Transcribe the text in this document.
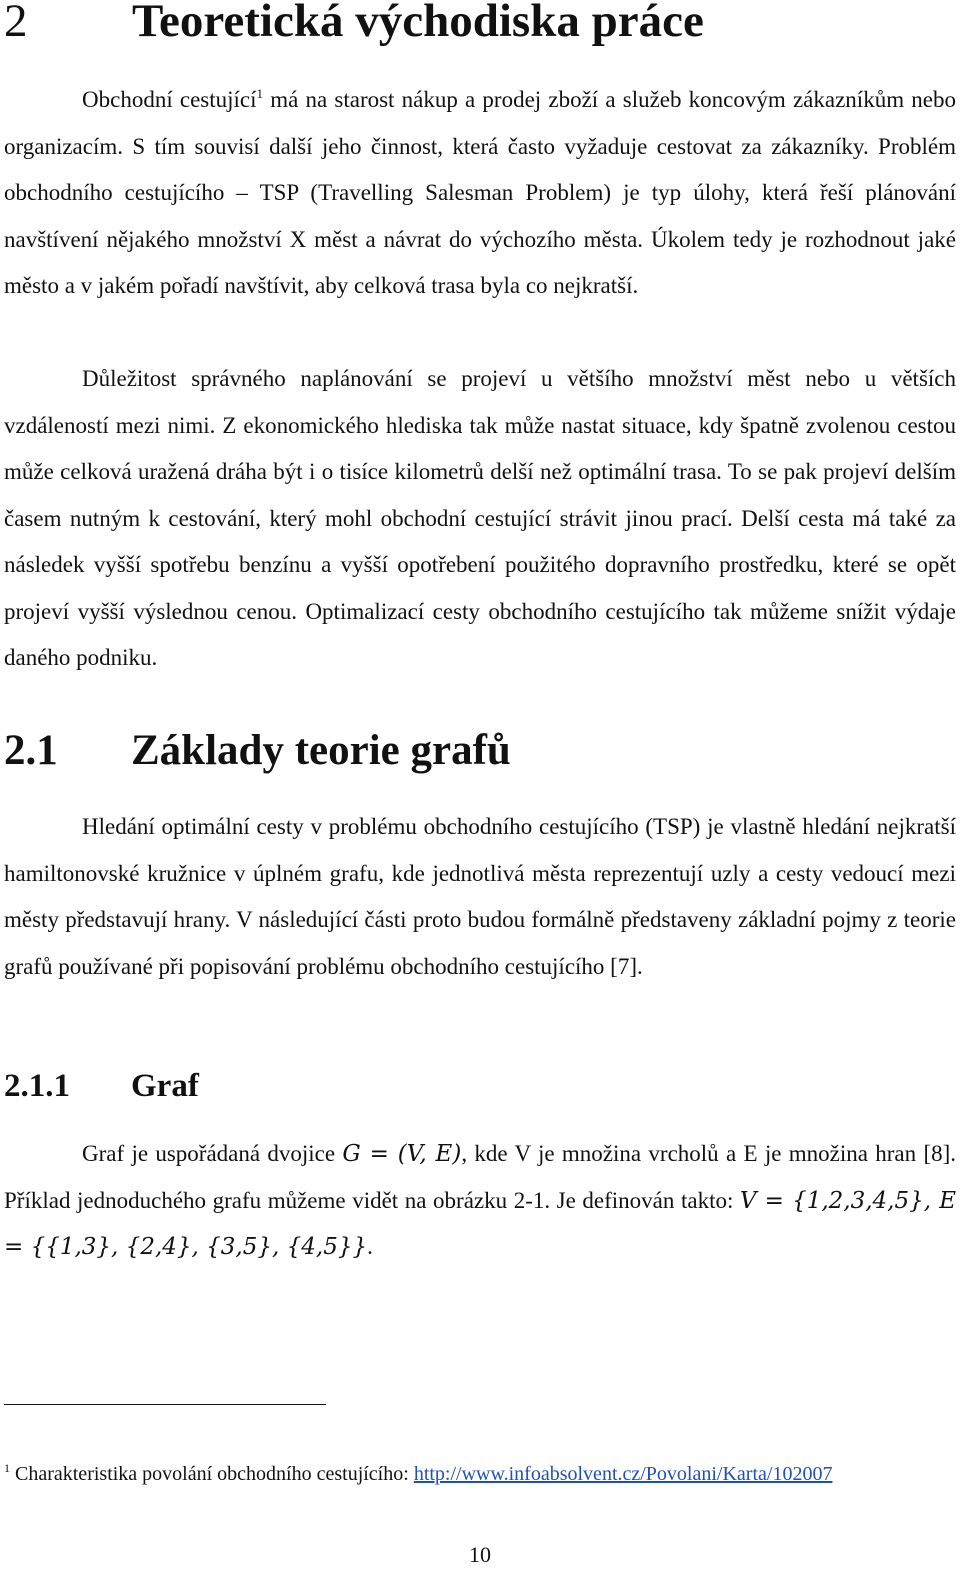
2 Teoretická východiska práce

Obchodní cestující$^1$ má na starost nákup a prodej zboží a služeb koncovým zákazníkům nebo organizacím. S tím souvisí další jeho činnost, která často vyžaduje cestovat za zákazníky. Problém obchodního cestujícího – TSP (Travelling Salesman Problem) je typ úlohy, která řeší plánování navštívení nějakého množství X měst a návrat do výchozího města. Úkolem tedy je rozhodnout jaké město a v jakém pořadí navštívit, aby celková trasa byla co nejkratší.

Důležitost správného naplánování se projeví u většího množství měst nebo u větších vzdáleností mezi nimi. Z ekonomického hlediska tak může nastat situace, kdy špatně zvolenou cestou může celková uražená dráha být i o tisíce kilometrů delší než optimální trasa. To se pak projeví delším časem nutným k cestování, který mohl obchodní cestující strávit jinou prací. Delší cesta má také za následek vyšší spotřebu benzínu a vyšší opotřebení použitého dopravního prostředku, které se opět projeví vyšší výslednou cenou. Optimalizací cesty obchodního cestujícího tak můžeme snížit výdaje daného podniku.

2.1 Základy teorie grafů

Hledání optimální cesty v problému obchodního cestujícího (TSP) je vlastně hledání nejkratší hamiltonovské kružnice v úplném grafu, kde jednotlivá města reprezentují uzly a cesty vedoucí mezi městy představují hrany. V následující části proto budou formálně představeny základní pojmy z teorie grafů používané při popisování problému obchodního cestujícího [7].

2.1.1 Graf

Graf je uspořádaná dvojice G = (V, E), kde V je množina vrcholů a E je množina hran [8]. Příklad jednoduchého grafu můžeme vidět na obrázku 2-1. Je definován takto: V = {1,2,3,4,5}, E = {{1,3}, {2,4}, {3,5}, {4,5}}.

$^1$ Charakteristika povolání obchodního cestujícího: http://www.infoabsolvent.cz/Povolani/Karta/102007
10
